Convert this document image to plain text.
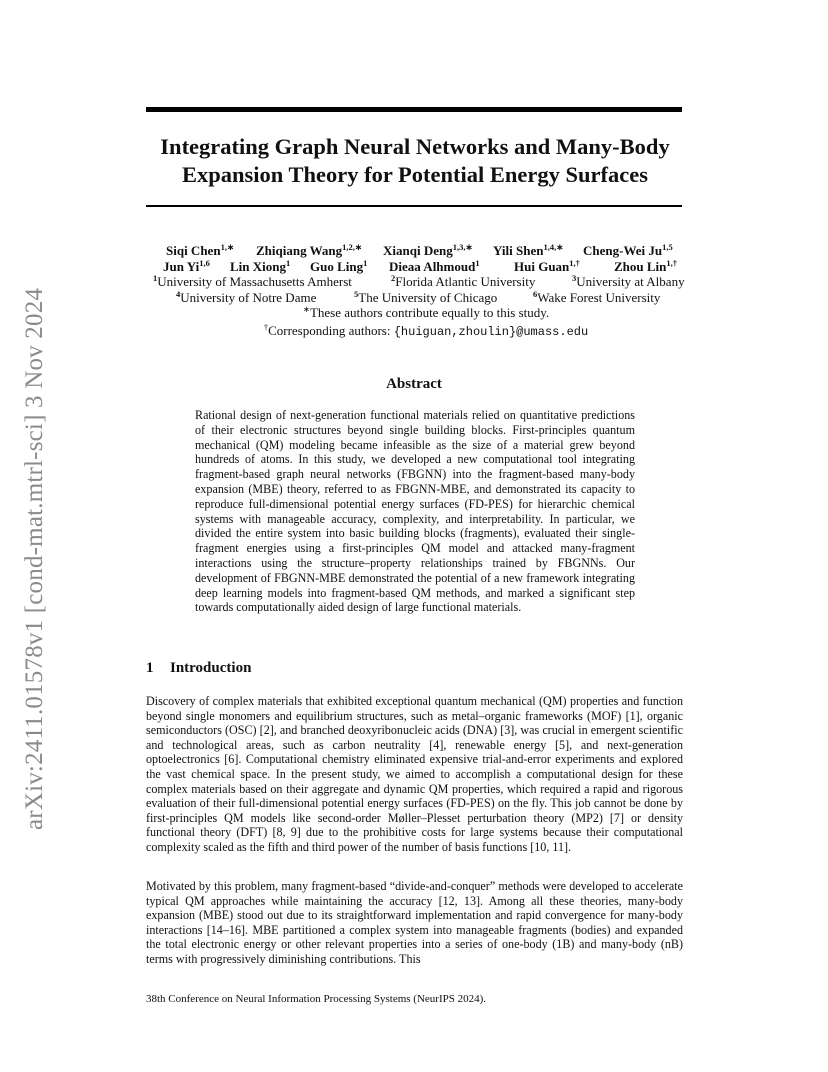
arXiv:2411.01578v1 [cond-mat.mtrl-sci] 3 Nov 2024
Integrating Graph Neural Networks and Many-Body Expansion Theory for Potential Energy Surfaces
Siqi Chen$^{1,∗}$ Zhiqiang Wang$^{1,2,∗}$ Xianqi Deng$^{1,3,∗}$ Yili Shen$^{1,4,∗}$ Cheng-Wei Ju$^{1,5}$
Jun Yi$^{1,6}$ Lin Xiong$^1$ Guo Ling$^1$ Dieaa Alhmoud$^1$	Hui Guan$^{1,\dagger}$	Zhou Lin$^{1,\dagger}$
$^1$University of Massachusetts Amherst	$^2$Florida Atlantic University	$^3$University at Albany
$^4$University of Notre Dame	$^5$The University of Chicago	$^6$Wake Forest University
∗These authors contribute equally to this study.
†Corresponding authors: {huiguan,zhoulin}@umass.edu
Abstract
Rational design of next-generation functional materials relied on quantitative predictions of their electronic structures beyond single building blocks. First-principles quantum mechanical (QM) modeling became infeasible as the size of a material grew beyond hundreds of atoms. In this study, we developed a new computational tool integrating fragment-based graph neural networks (FBGNN) into the fragment-based many-body expansion (MBE) theory, referred to as FBGNN-MBE, and demonstrated its capacity to reproduce full-dimensional potential energy surfaces (FD-PES) for hierarchic chemical systems with manageable accuracy, complexity, and interpretability. In particular, we divided the entire system into basic building blocks (fragments), evaluated their single-fragment energies using a first-principles QM model and attacked many-fragment interactions using the structure–property relationships trained by FBGNNs. Our development of FBGNN-MBE demonstrated the potential of a new framework integrating deep learning models into fragment-based QM methods, and marked a significant step towards computationally aided design of large functional materials.
1 Introduction
Discovery of complex materials that exhibited exceptional quantum mechanical (QM) properties and function beyond single monomers and equilibrium structures, such as metal–organic frameworks (MOF) [1], organic semiconductors (OSC) [2], and branched deoxyribonucleic acids (DNA) [3], was crucial in emergent scientific and technological areas, such as carbon neutrality [4], renewable energy [5], and next-generation optoelectronics [6]. Computational chemistry eliminated expensive trial-and-error experiments and explored the vast chemical space. In the present study, we aimed to accomplish a computational design for these complex materials based on their aggregate and dynamic QM properties, which required a rapid and rigorous evaluation of their full-dimensional potential energy surfaces (FD-PES) on the fly. This job cannot be done by first-principles QM models like second-order Møller–Plesset perturbation theory (MP2) [7] or density functional theory (DFT) [8, 9] due to the prohibitive costs for large systems because their computational complexity scaled as the fifth and third power of the number of basis functions [10, 11].
Motivated by this problem, many fragment-based “divide-and-conquer” methods were developed to accelerate typical QM approaches while maintaining the accuracy [12, 13]. Among all these theories, many-body expansion (MBE) stood out due to its straightforward implementation and rapid convergence for many-body interactions [14–16]. MBE partitioned a complex system into manageable fragments (bodies) and expanded the total electronic energy or other relevant properties into a series of one-body (1B) and many-body (nB) terms with progressively diminishing contributions. This
38th Conference on Neural Information Processing Systems (NeurIPS 2024).
